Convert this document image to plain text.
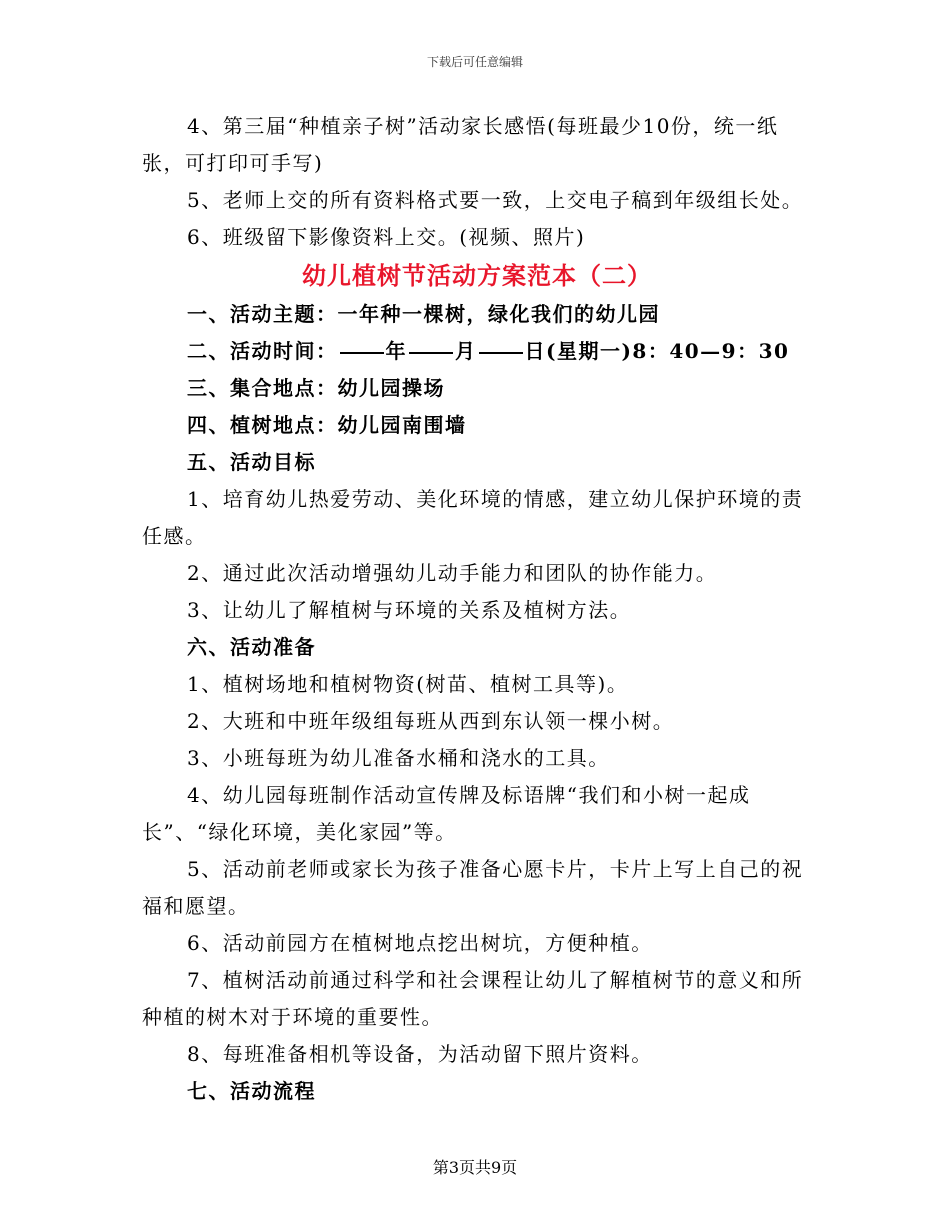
下载后可任意编辑

4、第三届“种植亲子树”活动家长感悟(每班最少10份，统一纸张，可打印可手写)

5、老师上交的所有资料格式要一致，上交电子稿到年级组长处。

6、班级留下影像资料上交。(视频、照片)

幼儿植树节活动方案范本（二）

一、活动主题：一年种一棵树，绿化我们的幼儿园

二、活动时间： 年 月 日(星期一)8：40—9：30

三、集合地点：幼儿园操场

四、植树地点：幼儿园南围墙

五、活动目标

1、培育幼儿热爱劳动、美化环境的情感，建立幼儿保护环境的责任感。

2、通过此次活动增强幼儿动手能力和团队的协作能力。

3、让幼儿了解植树与环境的关系及植树方法。

六、活动准备

1、植树场地和植树物资(树苗、植树工具等)。

2、大班和中班年级组每班从西到东认领一棵小树。

3、小班每班为幼儿准备水桶和浇水的工具。

4、幼儿园每班制作活动宣传牌及标语牌“我们和小树一起成长”、“绿化环境，美化家园”等。

5、活动前老师或家长为孩子准备心愿卡片，卡片上写上自己的祝福和愿望。

6、活动前园方在植树地点挖出树坑，方便种植。

7、植树活动前通过科学和社会课程让幼儿了解植树节的意义和所种植的树木对于环境的重要性。

8、每班准备相机等设备，为活动留下照片资料。

七、活动流程

第3页共9页
